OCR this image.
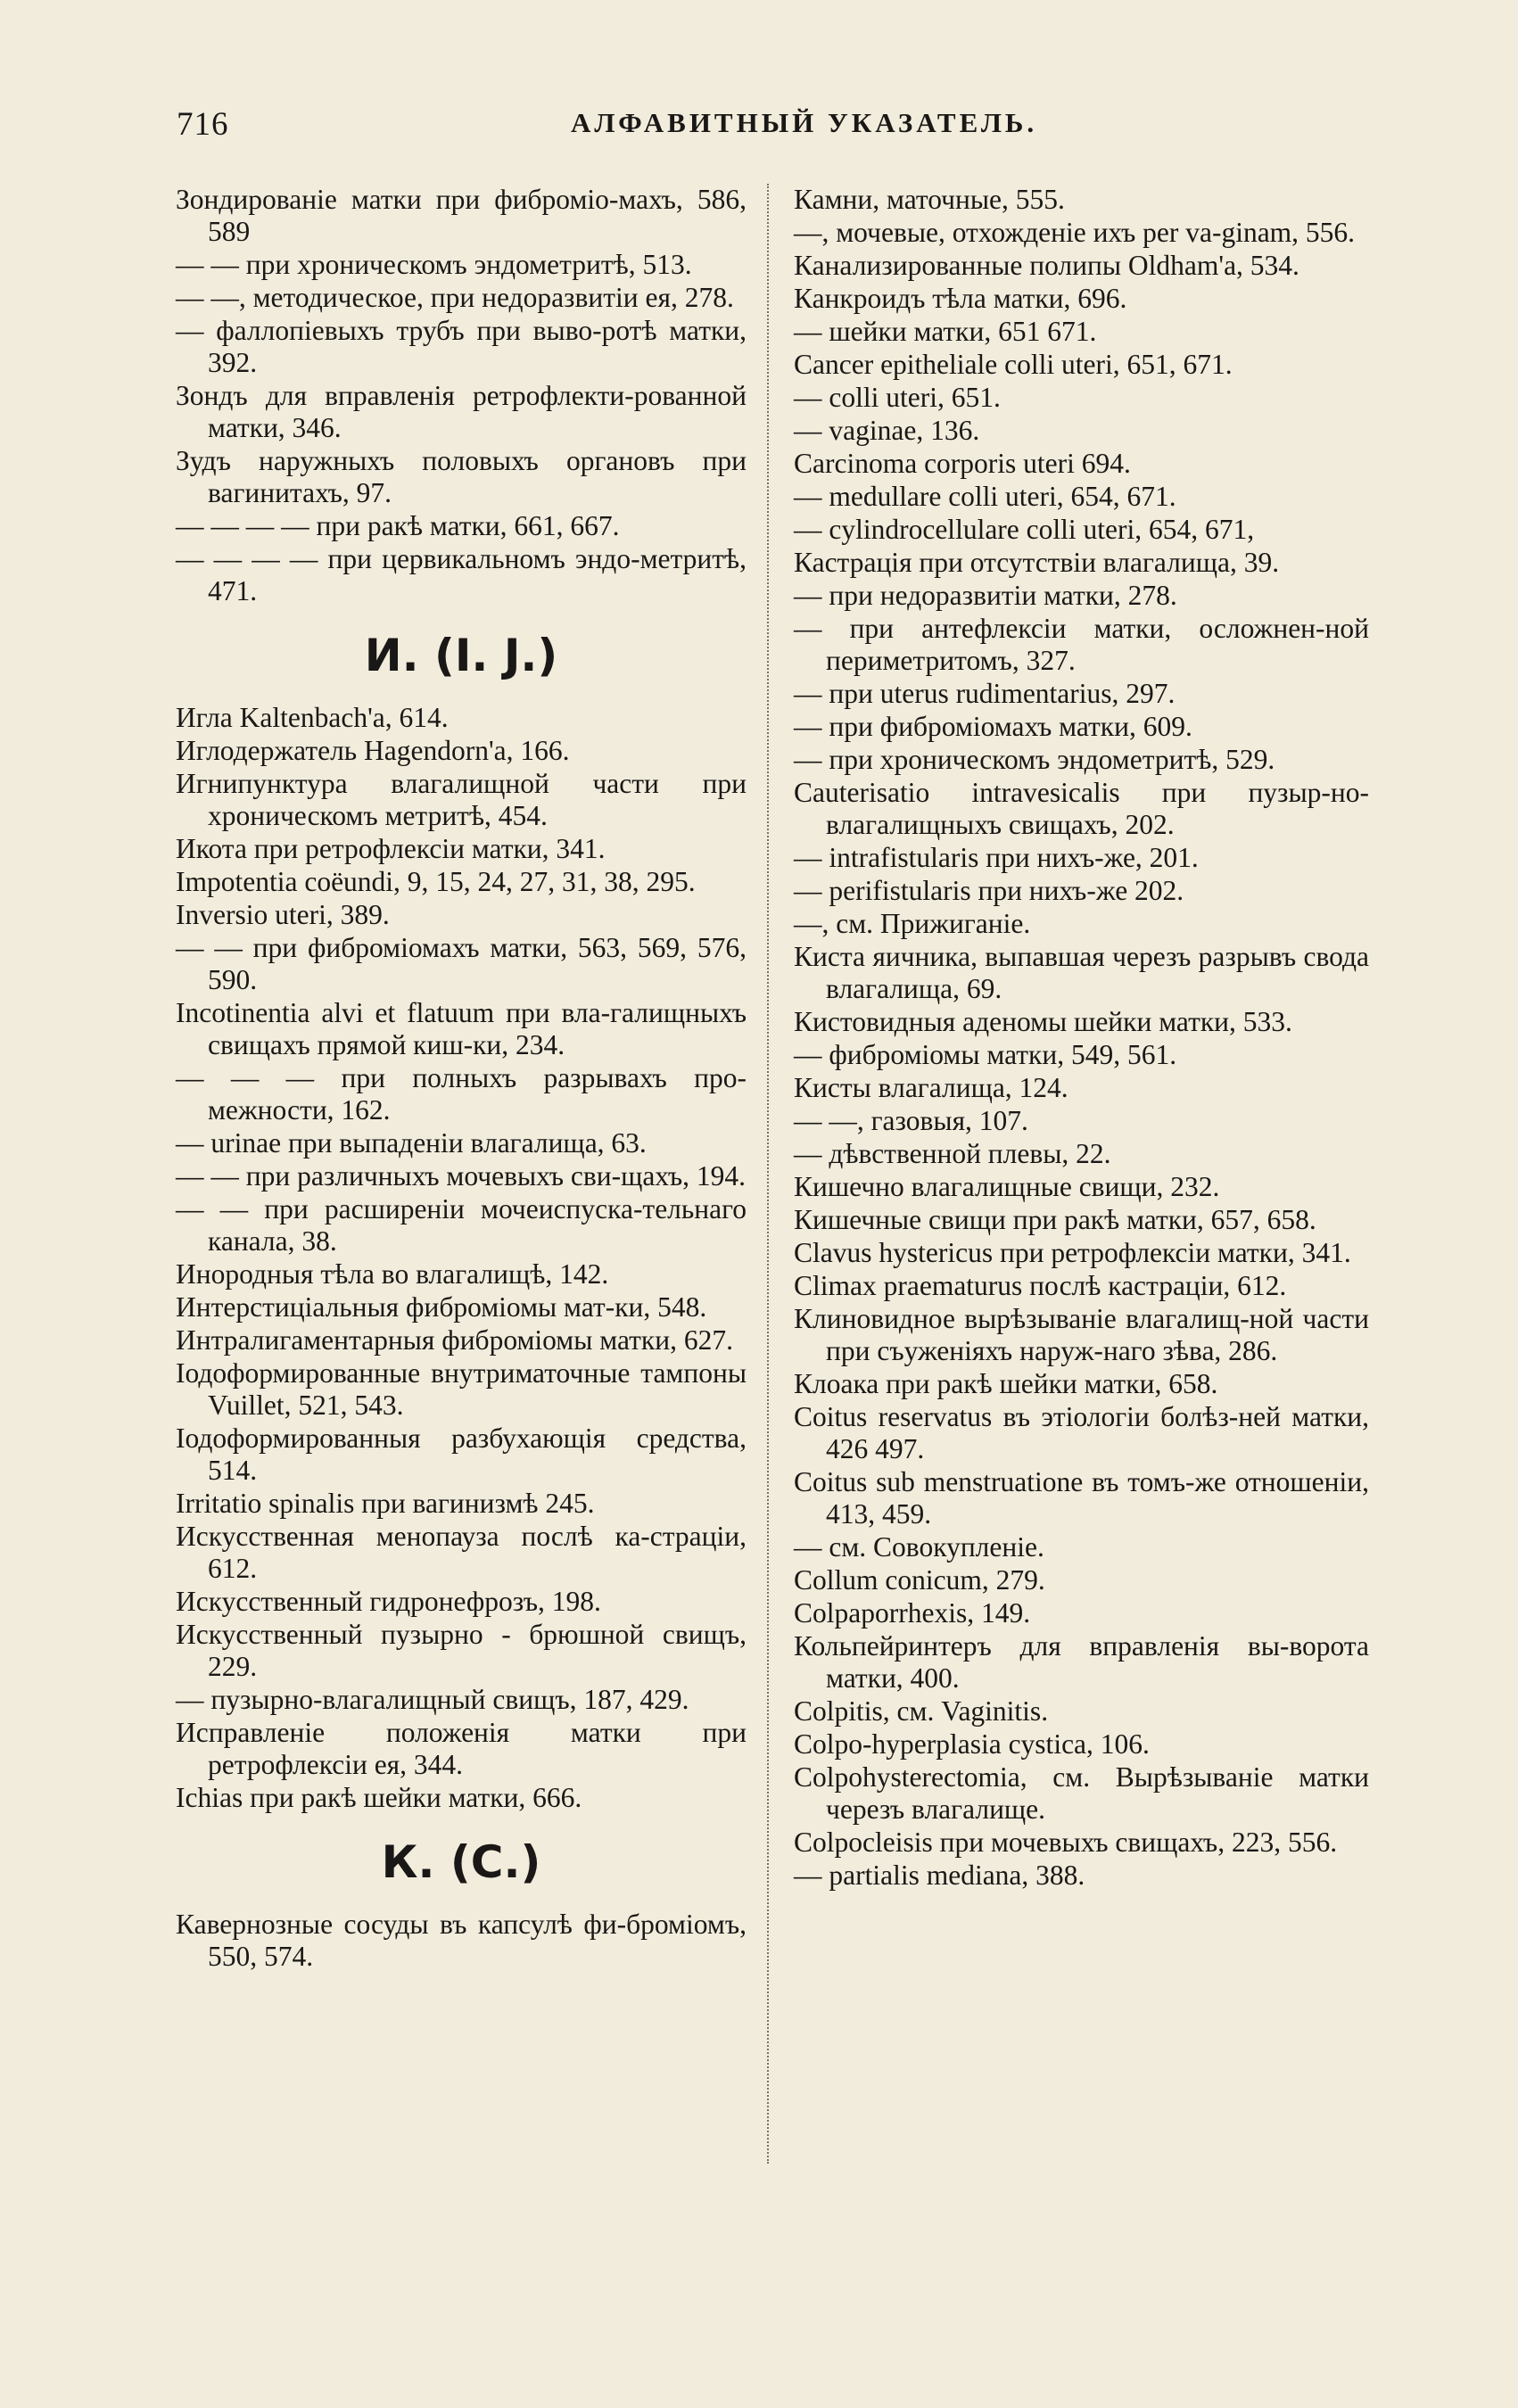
716	АЛФАВИТНЫЙ УКАЗАТЕЛЬ.
Зондированіе матки при фиброміо-махъ, 586, 589
— — при хроническомъ эндометритѣ, 513.
— —, методическое, при недоразвитіи ея, 278.
— фаллопіевыхъ трубъ при выво-ротѣ матки, 392.
Зондъ для вправленія ретрофлекти-рованной матки, 346.
Зудъ наружныхъ половыхъ органовъ при вагинитахъ, 97.
— — — — при ракѣ матки, 661, 667.
— — — — при цервикальномъ эндо-метритѣ, 471.
И. (I. J.)
Игла Kaltenbach'а, 614.
Иглодержатель Hagendorn'а, 166.
Игнипунктура влагалищной части при хроническомъ метритѣ, 454.
Икота при ретрофлексіи матки, 341.
Impotentia coëundi, 9, 15, 24, 27, 31, 38, 295.
Inversio uteri, 389.
— — при фиброміомахъ матки, 563, 569, 576, 590.
Incotinentia alvi et flatuum при вла-галищныхъ свищахъ прямой киш-ки, 234.
— — — при полныхъ разрывахъ про-межности, 162.
— urinae при выпаденіи влагалища, 63.
— — при различныхъ мочевыхъ сви-щахъ, 194.
— — при расширеніи мочеиспуска-тельнаго канала, 38.
Инородныя тѣла во влагалищѣ, 142.
Интерстиціальныя фиброміомы мат-ки, 548.
Интралигаментарныя фиброміомы матки, 627.
Іодоформированные внутриматочные тампоны Vuillet, 521, 543.
Іодоформированныя разбухающія средства, 514.
Irritatio spinalis при вагинизмѣ 245.
Искусственная менопауза послѣ ка-страціи, 612.
Искусственный гидронефрозъ, 198.
Искусственный пузырно - брюшной свищъ, 229.
— пузырно-влагалищный свищъ, 187, 429.
Исправленіе положенія матки при ретрофлексіи ея, 344.
Ichias при ракѣ шейки матки, 666.
К. (C.)
Кавернозные сосуды въ капсулѣ фи-броміомъ, 550, 574.
Камни, маточные, 555.
—, мочевые, отхожденіе ихъ per va-ginam, 556.
Канализированные полипы Oldham'а, 534.
Канкроидъ тѣла матки, 696.
— шейки матки, 651 671.
Cancer epitheliale colli uteri, 651, 671.
— colli uteri, 651.
— vaginae, 136.
Carcinoma corporis uteri 694.
— medullare colli uteri, 654, 671.
— cylindrocellulare colli uteri, 654, 671,
Кастрація при отсутствіи влагалища, 39.
— при недоразвитіи матки, 278.
— при антефлексіи матки, осложнен-ной периметритомъ, 327.
— при uterus rudimentarius, 297.
— при фиброміомахъ матки, 609.
— при хроническомъ эндометритѣ, 529.
Cauterisatio intravesicalis при пузыр-но-влагалищныхъ свищахъ, 202.
— intrafistularis при нихъ-же, 201.
— perifistularis при нихъ-же 202.
—, см. Прижиганіе.
Киста яичника, выпавшая черезъ разрывъ свода влагалища, 69.
Кистовидныя аденомы шейки матки, 533.
— фиброміомы матки, 549, 561.
Кисты влагалища, 124.
— —, газовыя, 107.
— дѣвственной плевы, 22.
Кишечно влагалищные свищи, 232.
Кишечные свищи при ракѣ матки, 657, 658.
Clavus hystericus при ретрофлексіи матки, 341.
Climax praematurus послѣ кастраціи, 612.
Клиновидное вырѣзываніе влагалищ-ной части при съуженіяхъ наруж-наго зѣва, 286.
Клоака при ракѣ шейки матки, 658.
Coitus reservatus въ этіологіи болѣз-ней матки, 426 497.
Coitus sub menstruatione въ томъ-же отношеніи, 413, 459.
— см. Совокупленіе.
Collum conicum, 279.
Colpaporrhexis, 149.
Кольпейринтеръ для вправленія вы-ворота матки, 400.
Colpitis, см. Vaginitis.
Colpo-hyperplasia cystica, 106.
Colpohysterectomia, см. Вырѣзываніе матки черезъ влагалище.
Colpocleisis при мочевыхъ свищахъ, 223, 556.
— partialis mediana, 388.
